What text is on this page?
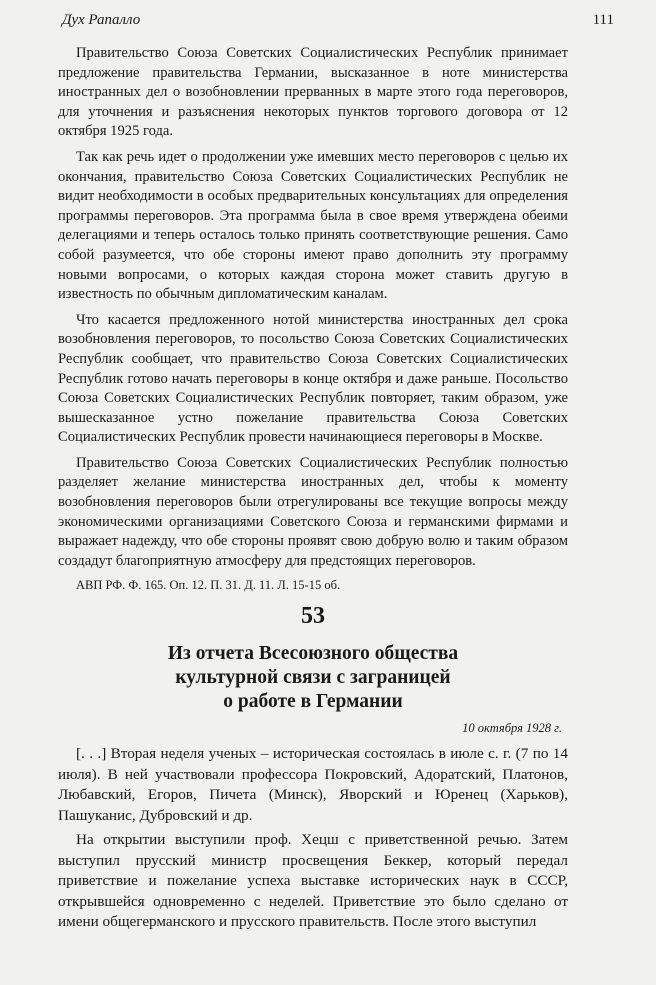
Дух Рапалло	111

Правительство Союза Советских Социалистических Республик принимает предложение правительства Германии, высказанное в ноте министерства иностранных дел о возобновлении прерванных в марте этого года переговоров, для уточнения и разъяснения некоторых пунктов торгового договора от 12 октября 1925 года.

Так как речь идет о продолжении уже имевших место переговоров с целью их окончания, правительство Союза Советских Социалистических Республик не видит необходимости в особых предварительных консультациях для определения программы переговоров. Эта программа была в свое время утверждена обеими делегациями и теперь осталось только принять соответствующие решения. Само собой разумеется, что обе стороны имеют право дополнить эту программу новыми вопросами, о которых каждая сторона может ставить другую в известность по обычным дипломатическим каналам.

Что касается предложенного нотой министерства иностранных дел срока возобновления переговоров, то посольство Союза Советских Социалистических Республик сообщает, что правительство Союза Советских Социалистических Республик готово начать переговоры в конце октября и даже раньше. Посольство Союза Советских Социалистических Республик повторяет, таким образом, уже вышесказанное устно пожелание правительства Союза Советских Социалистических Республик провести начинающиеся переговоры в Москве.

Правительство Союза Советских Социалистических Республик полностью разделяет желание министерства иностранных дел, чтобы к моменту возобновления переговоров были отрегулированы все текущие вопросы между экономическими организациями Советского Союза и германскими фирмами и выражает надежду, что обе стороны проявят свою добрую волю и таким образом создадут благоприятную атмосферу для предстоящих переговоров.

АВП РФ. Ф. 165. Оп. 12. П. 31. Д. 11. Л. 15-15 об.
53
Из отчета Всесоюзного общества
культурной связи с заграницей
о работе в Германии
10 октября 1928 г.

[. . .] Вторая неделя ученых – историческая состоялась в июле с. г. (7 по 14 июля). В ней участвовали профессора Покровский, Адоратский, Платонов, Любавский, Егоров, Пичета (Минск), Яворский и Юренец (Харьков), Пашуканис, Дубровский и др.

На открытии выступили проф. Хецш с приветственной речью. Затем выступил прусский министр просвещения Беккер, который передал приветствие и пожелание успеха выставке исторических наук в СССР, открывшейся одновременно с неделей. Приветствие это было сделано от имени общегерманского и прусского правительств. После этого выступил
